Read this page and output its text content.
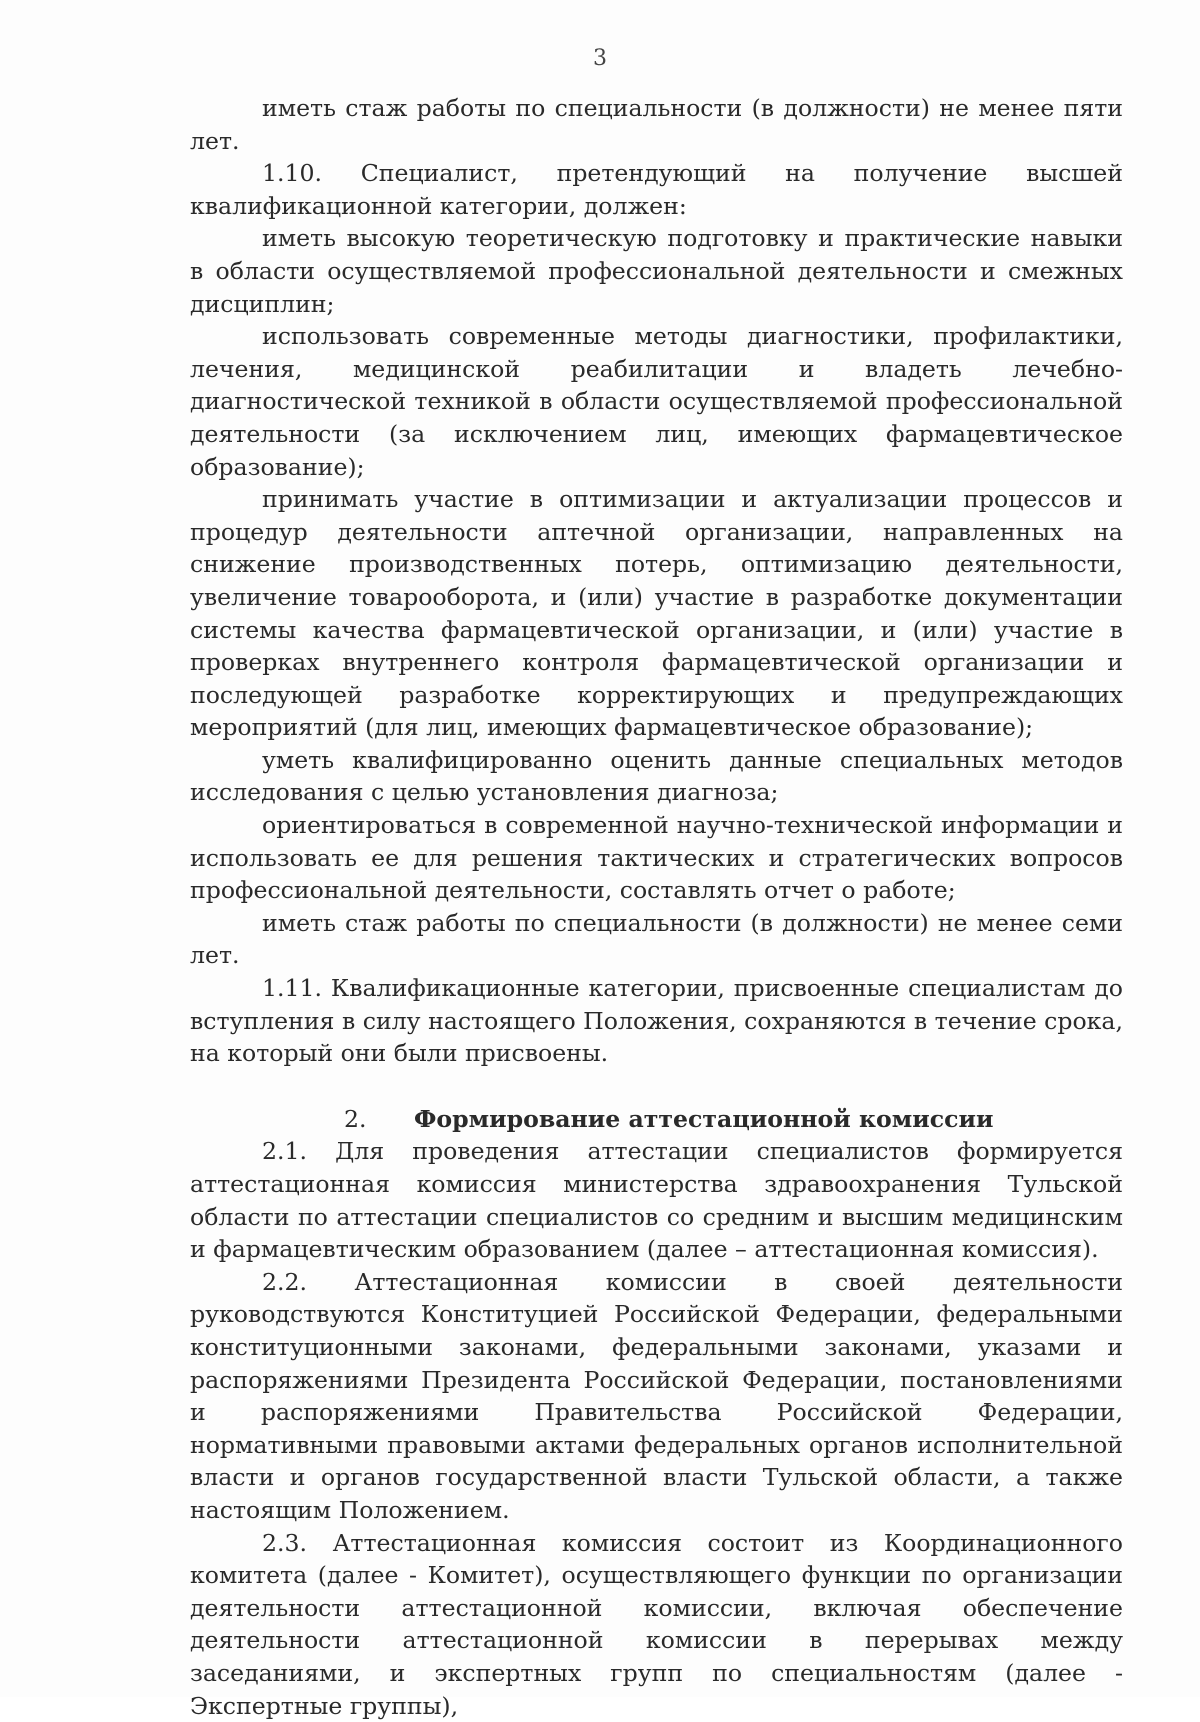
3

иметь стаж работы по специальности (в должности) не менее пяти лет.

1.10. Специалист, претендующий на получение высшей квалификационной категории, должен:

иметь высокую теоретическую подготовку и практические навыки в области осуществляемой профессиональной деятельности и смежных дисциплин;

использовать современные методы диагностики, профилактики, лечения, медицинской реабилитации и владеть лечебно-диагностической техникой в области осуществляемой профессиональной деятельности (за исключением лиц, имеющих фармацевтическое образование);

принимать участие в оптимизации и актуализации процессов и процедур деятельности аптечной организации, направленных на снижение производственных потерь, оптимизацию деятельности, увеличение товарооборота, и (или) участие в разработке документации системы качества фармацевтической организации, и (или) участие в проверках внутреннего контроля фармацевтической организации и последующей разработке корректирующих и предупреждающих мероприятий (для лиц, имеющих фармацевтическое образование);

уметь квалифицированно оценить данные специальных методов исследования с целью установления диагноза;

ориентироваться в современной научно-технической информации и использовать ее для решения тактических и стратегических вопросов профессиональной деятельности, составлять отчет о работе;

иметь стаж работы по специальности (в должности) не менее семи лет.

1.11. Квалификационные категории, присвоенные специалистам до вступления в силу настоящего Положения, сохраняются в течение срока, на который они были присвоены.

2. Формирование аттестационной комиссии

2.1. Для проведения аттестации специалистов формируется аттестационная комиссия министерства здравоохранения Тульской области по аттестации специалистов со средним и высшим медицинским и фармацевтическим образованием (далее – аттестационная комиссия).

2.2. Аттестационная комиссии в своей деятельности руководствуются Конституцией Российской Федерации, федеральными конституционными законами, федеральными законами, указами и распоряжениями Президента Российской Федерации, постановлениями и распоряжениями Правительства Российской Федерации, нормативными правовыми актами федеральных органов исполнительной власти и органов государственной власти Тульской области, а также настоящим Положением.

2.3. Аттестационная комиссия состоит из Координационного комитета (далее - Комитет), осуществляющего функции по организации деятельности аттестационной комиссии, включая обеспечение деятельности аттестационной комиссии в перерывах между заседаниями, и экспертных групп по специальностям (далее - Экспертные группы),
